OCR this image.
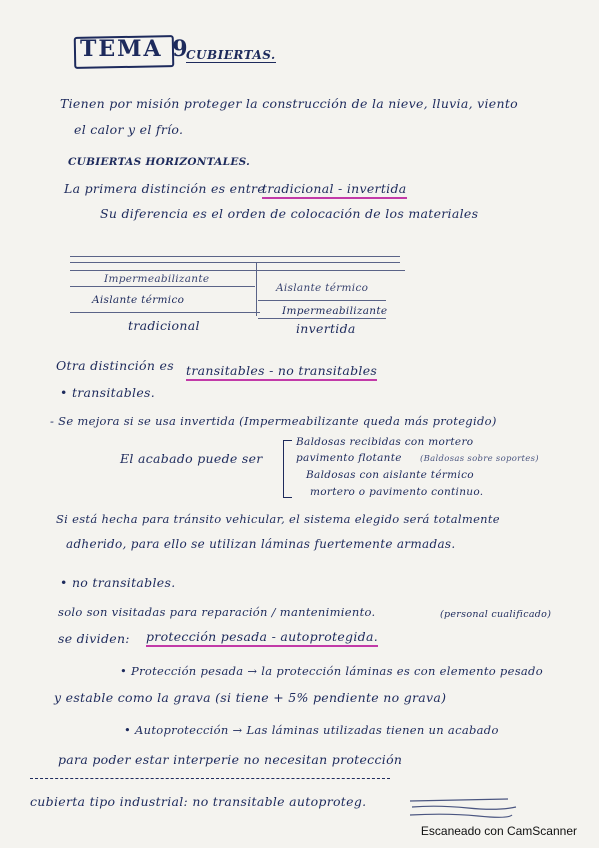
TEMA 9
CUBIERTAS.
Tienen por misión proteger la construcción de la nieve, lluvia, viento
el calor y el frío.
CUBIERTAS HORIZONTALES.
La primera distinción es entre
tradicional - invertida
Su diferencia es el orden de colocación de los materiales
Impermeabilizante
Aislante térmico
Aislante térmico
Impermeabilizante
tradicional	invertida
Otra distinción es transitables - no transitables
• transitables.
- Se mejora si se usa invertida (Impermeabilizante queda más protegido)
El acabado puede ser
Baldosas recibidas con mortero
pavimento flotante (Baldosas sobre soportes)
Baldosas con aislante térmico
mortero o pavimento continuo.
Si está hecha para tránsito vehicular, el sistema elegido será totalmente
adherido, para ello se utilizan láminas fuertemente armadas.
• no transitables.
solo son visitadas para reparación / mantenimiento.	(personal cualificado)
se dividen: protección pesada - autoprotegida.
• Protección pesada → la protección láminas es con elemento pesado
y estable como la grava (si tiene + 5% pendiente no grava)
• Autoprotección → Las láminas utilizadas tienen un acabado
para poder estar interperie no necesitan protección
cubierta tipo industrial: no transitable autoproteg.
Escaneado con CamScanner
